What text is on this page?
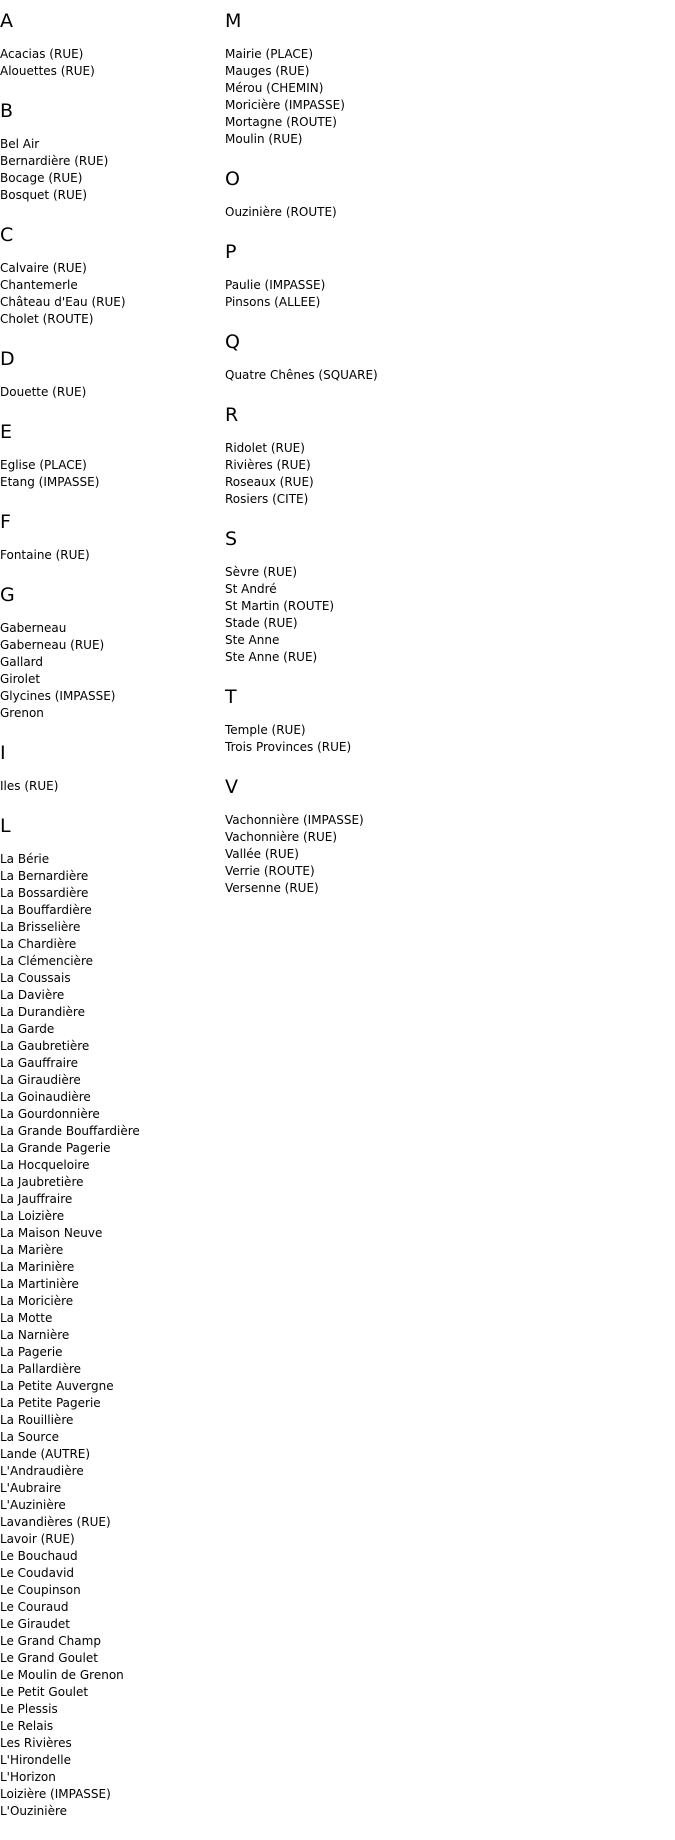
A
Acacias (RUE)
Alouettes (RUE)
B
Bel Air
Bernardière (RUE)
Bocage (RUE)
Bosquet (RUE)
C
Calvaire (RUE)
Chantemerle
Château d'Eau (RUE)
Cholet (ROUTE)
D
Douette (RUE)
E
Eglise (PLACE)
Etang (IMPASSE)
F
Fontaine (RUE)
G
Gaberneau
Gaberneau (RUE)
Gallard
Girolet
Glycines (IMPASSE)
Grenon
I
Iles (RUE)
L
La Bérie
La Bernardière
La Bossardière
La Bouffardière
La Brisselière
La Chardière
La Clémencière
La Coussais
La Davière
La Durandière
La Garde
La Gaubretière
La Gauffraire
La Giraudière
La Goinaudière
La Gourdonnière
La Grande Bouffardière
La Grande Pagerie
La Hocqueloire
La Jaubretière
La Jauffraire
La Loizière
La Maison Neuve
La Marière
La Marinière
La Martinière
La Moricière
La Motte
La Narnière
La Pagerie
La Pallardière
La Petite Auvergne
La Petite Pagerie
La Rouillière
La Source
Lande (AUTRE)
L'Andraudière
L'Aubraire
L'Auzinière
Lavandières (RUE)
Lavoir (RUE)
Le Bouchaud
Le Coudavid
Le Coupinson
Le Couraud
Le Giraudet
Le Grand Champ
Le Grand Goulet
Le Moulin de Grenon
Le Petit Goulet
Le Plessis
Le Relais
Les Rivières
L'Hirondelle
L'Horizon
Loizière (IMPASSE)
L'Ouzinière
M
Mairie (PLACE)
Mauges (RUE)
Mérou (CHEMIN)
Moricière (IMPASSE)
Mortagne (ROUTE)
Moulin (RUE)
O
Ouzinière (ROUTE)
P
Paulie (IMPASSE)
Pinsons (ALLEE)
Q
Quatre Chênes (SQUARE)
R
Ridolet (RUE)
Rivières (RUE)
Roseaux (RUE)
Rosiers (CITE)
S
Sèvre (RUE)
St André
St Martin (ROUTE)
Stade (RUE)
Ste Anne
Ste Anne (RUE)
T
Temple (RUE)
Trois Provinces (RUE)
V
Vachonnière (IMPASSE)
Vachonnière (RUE)
Vallée (RUE)
Verrie (ROUTE)
Versenne (RUE)
